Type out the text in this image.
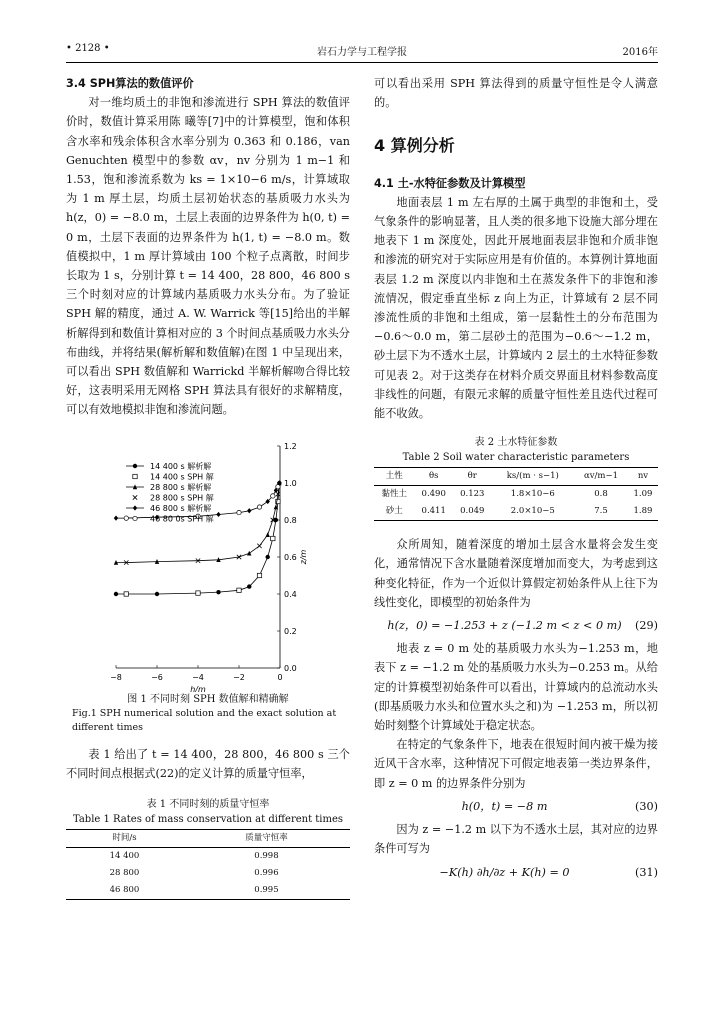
• 2128 •	岩石力学与工程学报	2016年
3.4 SPH算法的数值评价

对一维均质土的非饱和渗流进行 SPH 算法的数值评价时，数值计算采用陈 曦等[7]中的计算模型，饱和体积含水率和残余体积含水率分别为 0.363 和 0.186，van Genuchten 模型中的参数 αv，nv 分别为 1 m−1 和 1.53，饱和渗流系数为 ks = 1×10−6 m/s，计算域取为 1 m 厚土层，均质土层初始状态的基质吸力水头为 h(z，0) = −8.0 m，土层上表面的边界条件为 h(0, t) = 0 m，土层下表面的边界条件为 h(1, t) = −8.0 m。数值模拟中，1 m 厚计算域由 100 个粒子点离散，时间步长取为 1 s，分别计算 t = 14 400，28 800，46 800 s 三个时刻对应的计算域内基质吸力水头分布。为了验证 SPH 解的精度，通过 A. W. Warrick 等[15]给出的半解析解得到和数值计算相对应的 3 个时间点基质吸力水头分布曲线，并将结果(解析解和数值解)在图 1 中呈现出来，可以看出 SPH 数值解和 Warrickd 半解析解吻合得比较好，这表明采用无网格 SPH 算法具有很好的求解精度，可以有效地模拟非饱和渗流问题。

−8	−6	−4	−2	0
0.0
0.2
0.4
0.6
0.8
1.0
1.2
h/m
z/m
14 400 s 解析解
14 400 s SPH 解
28 800 s 解析解
28 800 s SPH 解
46 800 s 解析解
46 80 0s SPH 解
图 1 不同时刻 SPH 数值解和精确解
Fig.1 SPH numerical solution and the exact solution at different times

表 1 给出了 t = 14 400，28 800，46 800 s 三个不同时间点根据式(22)的定义计算的质量守恒率，

表 1 不同时刻的质量守恒率
Table 1 Rates of mass conservation at different times
时间/s	质量守恒率
14 400	0.998
28 800	0.996
46 800	0.995

可以看出采用 SPH 算法得到的质量守恒性是令人满意的。

4 算例分析
4.1 土-水特征参数及计算模型

地面表层 1 m 左右厚的土属于典型的非饱和土，受气象条件的影响显著，且人类的很多地下设施大部分埋在地表下 1 m 深度处，因此开展地面表层非饱和介质非饱和渗流的研究对于实际应用是有价值的。本算例计算地面表层 1.2 m 深度以内非饱和土在蒸发条件下的非饱和渗流情况，假定垂直坐标 z 向上为正，计算域有 2 层不同渗流性质的非饱和土组成，第一层黏性土的分布范围为−0.6～0.0 m，第二层砂土的范围为−0.6～−1.2 m，砂土层下为不透水土层，计算域内 2 层土的土水特征参数可见表 2。对于这类存在材料介质交界面且材料参数高度非线性的问题，有限元求解的质量守恒性差且迭代过程可能不收敛。

表 2 土水特征参数
Table 2 Soil water characteristic parameters
土性	θs	θr	ks/(m · s−1)	αv/m−1	nv
黏性土	0.490	0.123	1.8×10−6	0.8	1.09
砂土	0.411	0.049	2.0×10−5	7.5	1.89

众所周知，随着深度的增加土层含水量将会发生变化，通常情况下含水量随着深度增加而变大，为考虑到这种变化特征，作为一个近似计算假定初始条件从上往下为线性变化，即模型的初始条件为

h(z，0) = −1.253 + z (−1.2 m < z < 0 m)	(29)

地表 z = 0 m 处的基质吸力水头为−1.253 m，地表下 z = −1.2 m 处的基质吸力水头为−0.253 m。从给定的计算模型初始条件可以看出，计算域内的总流动水头(即基质吸力水头和位置水头之和)为 −1.253 m，所以初始时刻整个计算域处于稳定状态。

在特定的气象条件下，地表在很短时间内被干燥为接近风干含水率，这种情况下可假定地表第一类边界条件，即 z = 0 m 的边界条件分别为

h(0，t) = −8 m	(30)

因为 z = −1.2 m 以下为不透水土层，其对应的边界条件可写为

−K(h) ∂h/∂z + K(h) = 0	(31)
